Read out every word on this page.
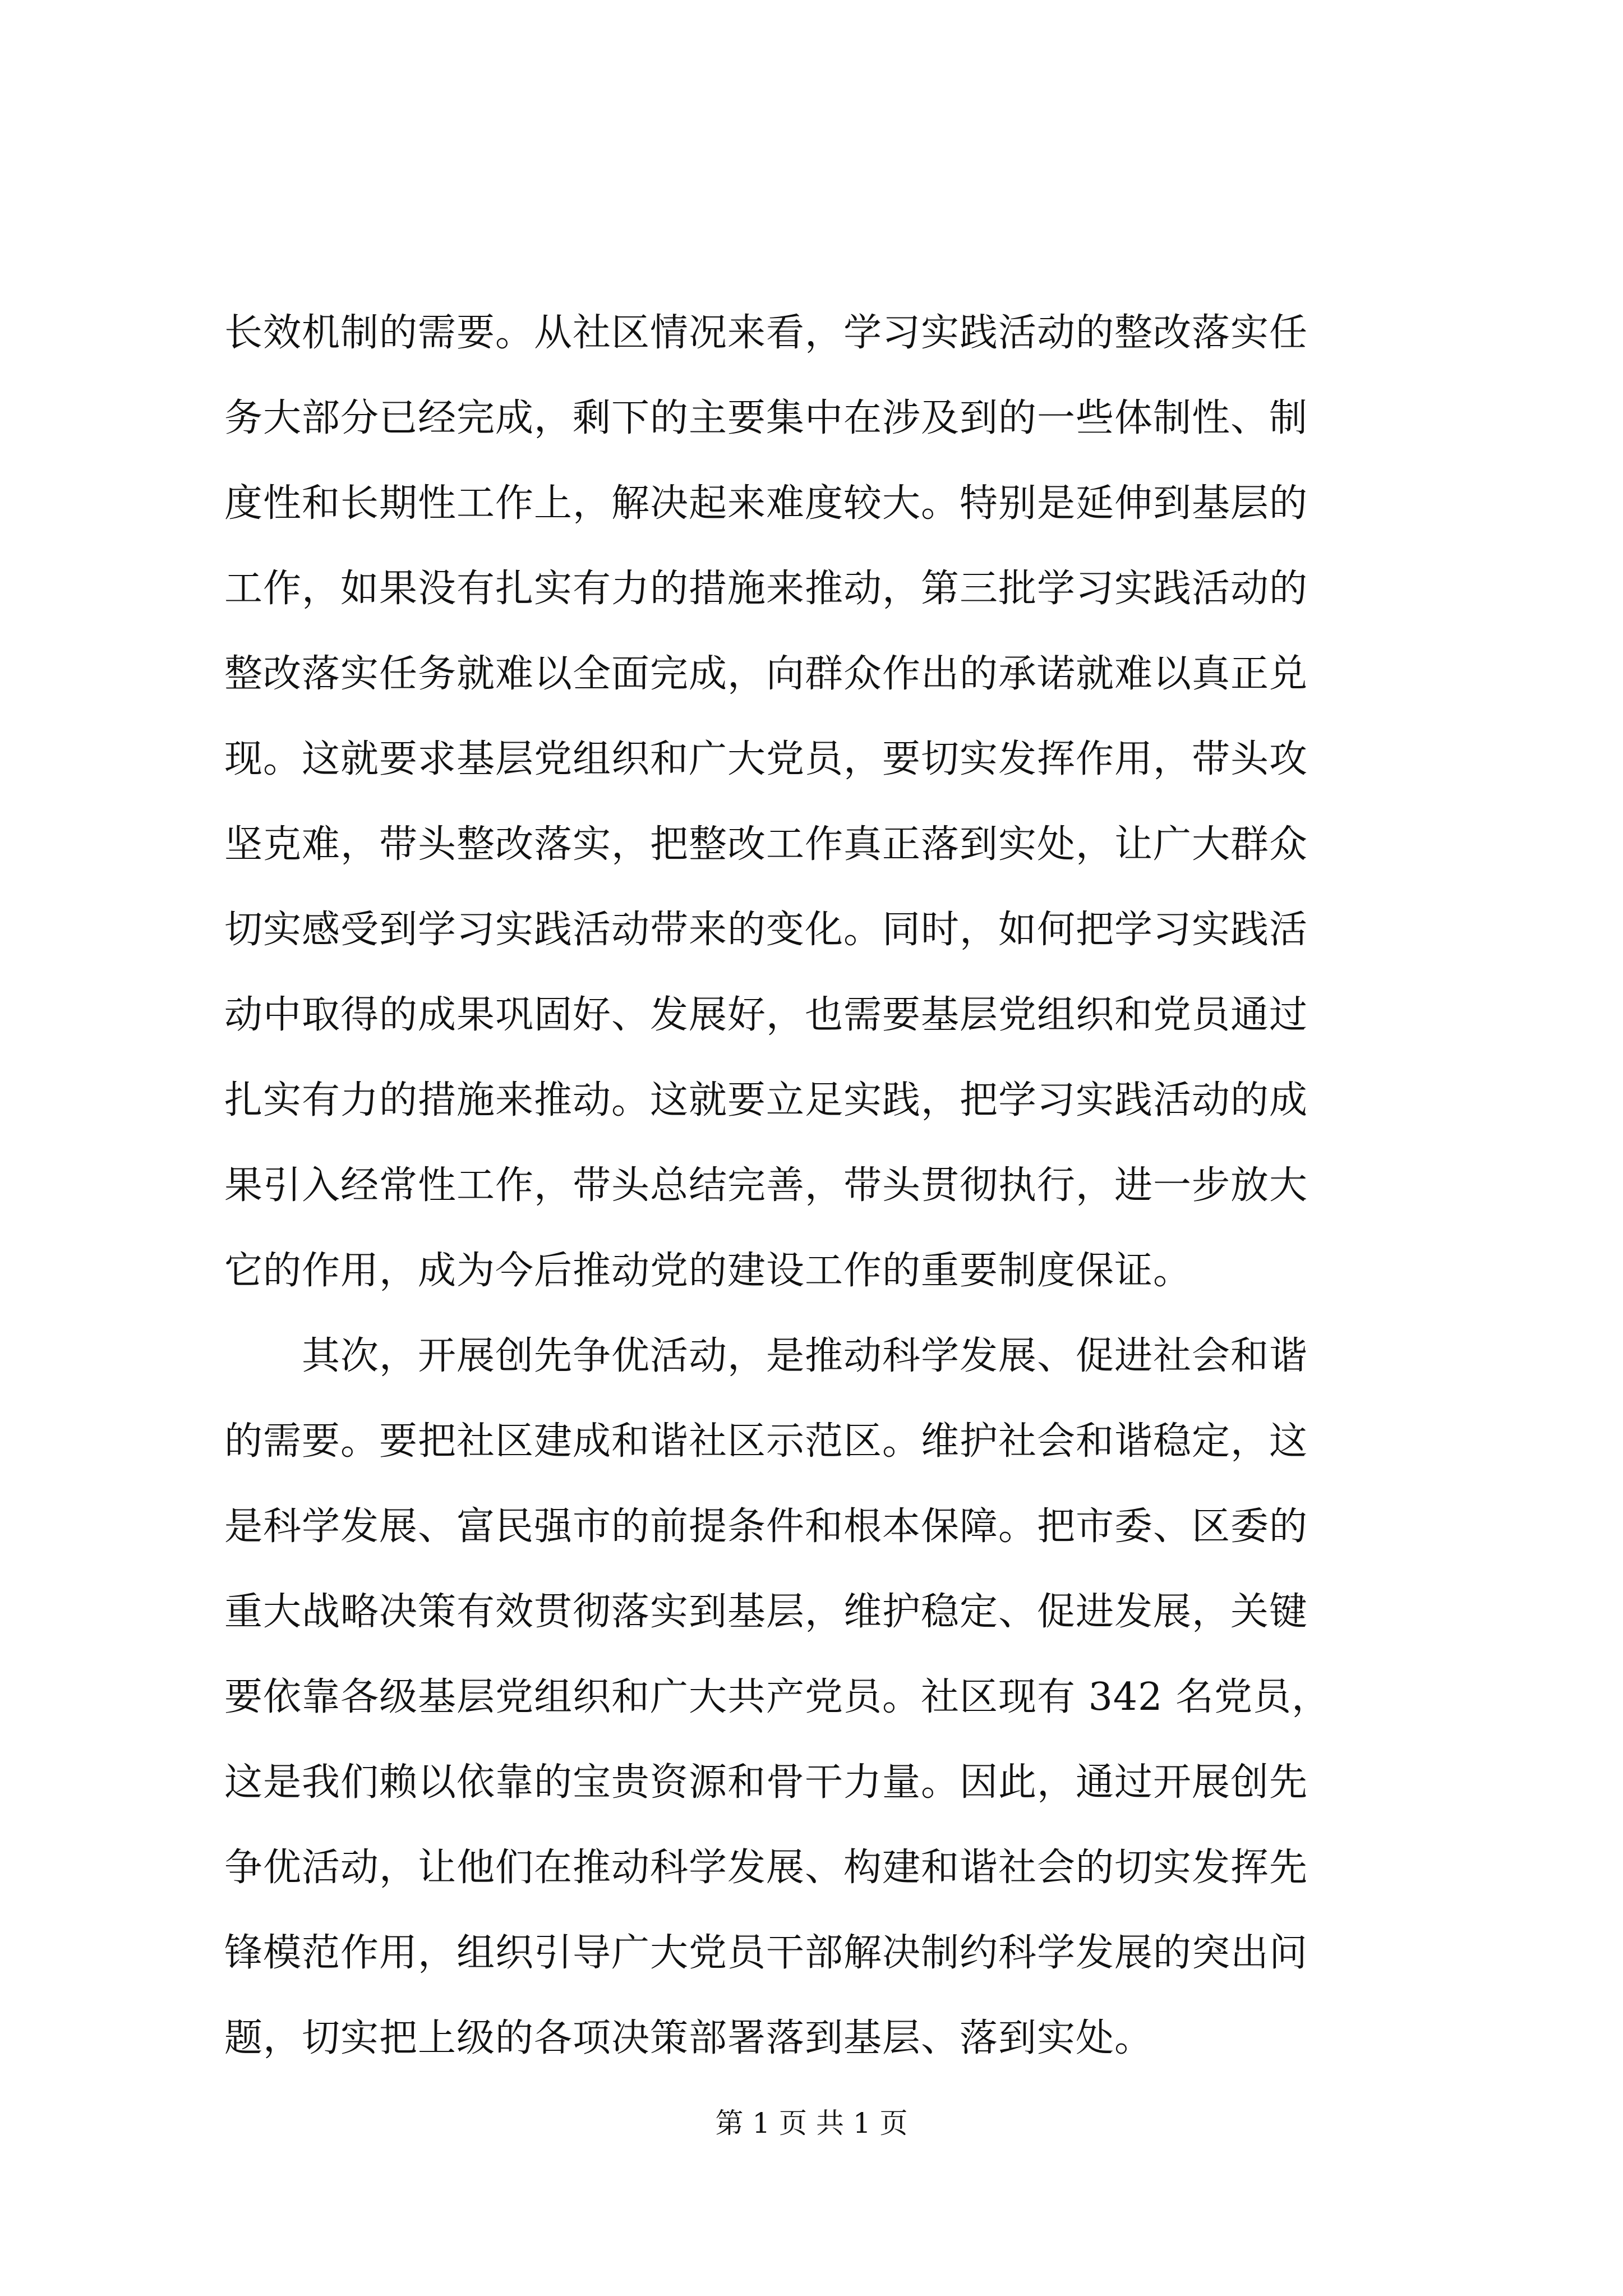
长效机制的需要。从社区情况来看，学习实践活动的整改落实任
务大部分已经完成，剩下的主要集中在涉及到的一些体制性、制
度性和长期性工作上，解决起来难度较大。特别是延伸到基层的
工作，如果没有扎实有力的措施来推动，第三批学习实践活动的
整改落实任务就难以全面完成，向群众作出的承诺就难以真正兑
现。这就要求基层党组织和广大党员，要切实发挥作用，带头攻
坚克难，带头整改落实，把整改工作真正落到实处，让广大群众
切实感受到学习实践活动带来的变化。同时，如何把学习实践活
动中取得的成果巩固好、发展好，也需要基层党组织和党员通过
扎实有力的措施来推动。这就要立足实践，把学习实践活动的成
果引入经常性工作，带头总结完善，带头贯彻执行，进一步放大
它的作用，成为今后推动党的建设工作的重要制度保证。
　　其次，开展创先争优活动，是推动科学发展、促进社会和谐
的需要。要把社区建成和谐社区示范区。维护社会和谐稳定，这
是科学发展、富民强市的前提条件和根本保障。把市委、区委的
重大战略决策有效贯彻落实到基层，维护稳定、促进发展，关键
要依靠各级基层党组织和广大共产党员。社区现有 342 名党员，
这是我们赖以依靠的宝贵资源和骨干力量。因此，通过开展创先
争优活动，让他们在推动科学发展、构建和谐社会的切实发挥先
锋模范作用，组织引导广大党员干部解决制约科学发展的突出问
题，切实把上级的各项决策部署落到基层、落到实处。
第 1 页 共 1 页
